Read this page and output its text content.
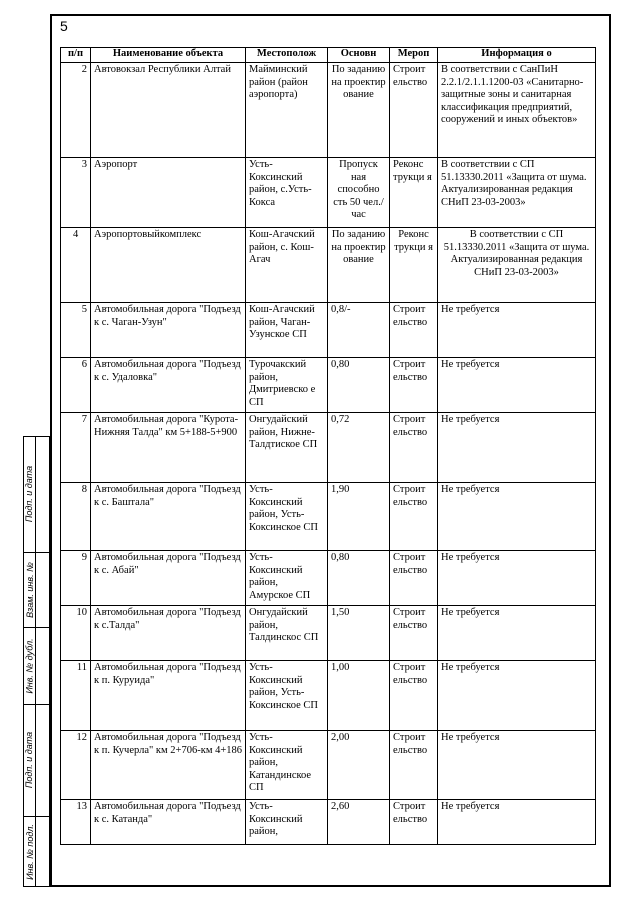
5
п/п	Наименование объекта	Местополож	Основн	Мероп	Информация о
2	Автовокзал Республики Алтай	Майминский район (район аэропорта)	По заданию на проектир ование	Строит ельство	В соответствии с СанПиН 2.2.1/2.1.1.1200-03 «Санитарно-защитные зоны и санитарная классификация предприятий, сооружений и иных объектов»
3	Аэропорт	Усть-Коксинский район, с.Усть-Кокса	Пропуск ная способно сть 50 чел./час	Реконс трукци я	В соответствии с СП 51.13330.2011 «Защита от шума. Актуализированная редакция СНиП 23-03-2003»
4	Аэропортовыйкомплекс	Кош-Агачский район, с. Кош-Агач	По заданию на проектир ование	Реконс трукци я	В соответствии с СП 51.13330.2011 «Защита от шума. Актуализированная редакция СНиП 23-03-2003»
5	Автомобильная дорога "Подъезд к с. Чаган-Узун"	Кош-Агачский район, Чаган-Узунское СП	0,8/-	Строит ельство	Не требуется
6	Автомобильная дорога "Подъезд к с. Удаловка"	Турочакский район, Дмитриевско е СП	0,80	Строит ельство	Не требуется
7	Автомобильная дорога "Курота-Нижняя Талда" км 5+188-5+900	Онгудайский район, Нижне-Талдтиское СП	0,72	Строит ельство	Не требуется
8	Автомобильная дорога "Подъезд к с. Баштала"	Усть-Коксинский район, Усть-Коксинское СП	1,90	Строит ельство	Не требуется
9	Автомобильная дорога "Подъезд к с. Абай"	Усть-Коксинский район, Амурское СП	0,80	Строит ельство	Не требуется
10	Автомобильная дорога "Подъезд к с.Талда"	Онгудайский район, Талдинскос СП	1,50	Строит ельство	Не требуется
11	Автомобильная дорога "Подъезд к п. Куруида"	Усть-Коксинский район, Усть-Коксинское СП	1,00	Строит ельство	Не требуется
12	Автомобильная дорога "Подъезд к п. Кучерла" км 2+706-км 4+186	Усть-Коксинский район, Катандинское СП	2,00	Строит ельство	Не требуется
13	Автомобильная дорога "Подъезд к с. Катанда"	Усть-Коксинский район,	2,60	Строит ельство	Не требуется
Подп. и дата
Взам. инв. №
Инв. № дубл.
Подп. и дата
Инв. № подл.
